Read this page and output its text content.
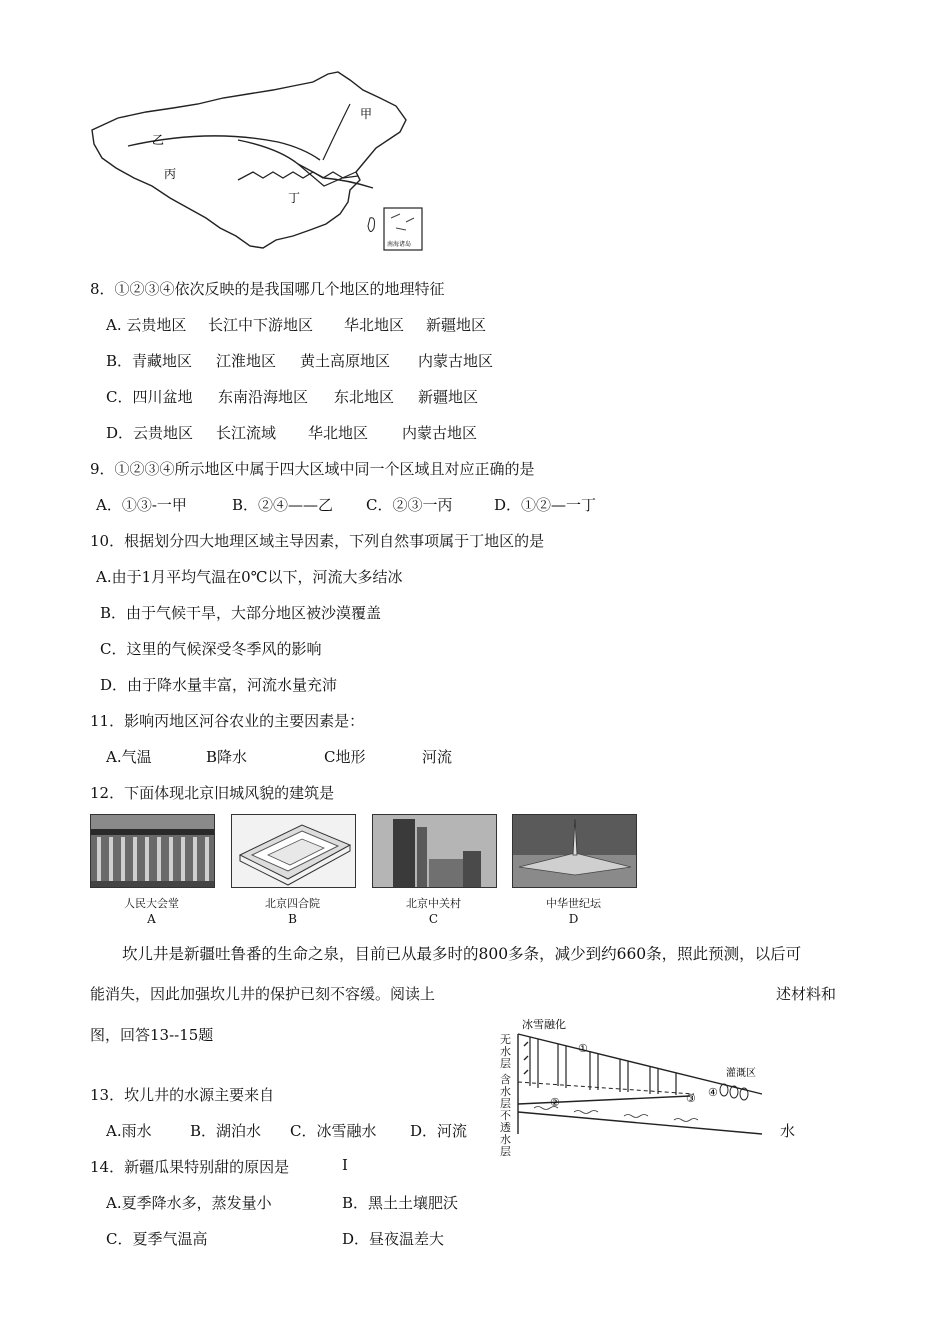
甲
乙
丙
丁
南海诸岛
8．①②③④依次反映的是我国哪几个地区的地理特征
A. 云贵地区 长江中下游地区 华北地区 新疆地区
B．青藏地区 江淮地区 黄土高原地区 内蒙古地区
C．四川盆地 东南沿海地区 东北地区 新疆地区
D．云贵地区 长江流域 华北地区 内蒙古地区
9．①②③④所示地区中属于四大区域中同一个区域且对应正确的是
A．①③-一甲	B．②④——乙 C．②③一丙	D．①②—一丁
10．根据划分四大地理区域主导因素，下列自然事项属于丁地区的是
A.由于1月平均气温在0℃以下，河流大多结冰
B．由于气候干旱，大部分地区被沙漠覆盖
C．这里的气候深受冬季风的影响
D．由于降水量丰富，河流水量充沛
11．影响丙地区河谷农业的主要因素是：
A.气温	B降水	C地形	河流
12．下面体现北京旧城风貌的建筑是
人民大会堂
A
北京四合院
B
北京中关村
C
中华世纪坛
D
坎儿井是新疆吐鲁番的生命之泉，目前已从最多时的800多条，减少到约660条，照此预测，以后可
能消失，因此加强坎儿井的保护已刻不容缓。阅读上	述材料和
图，回答13--15题
①
②	③ ④
冰雪融化
灌溉区
无水层
含水层
不透水层
13．坎儿井的水源主要来自
A.雨水	B．湖泊水 C．冰雪融水 D．河流	水
14．新疆瓜果特别甜的原因是	I
A.夏季降水多，蒸发量小	B．黑土土壤肥沃
C．夏季气温高	D．昼夜温差大
